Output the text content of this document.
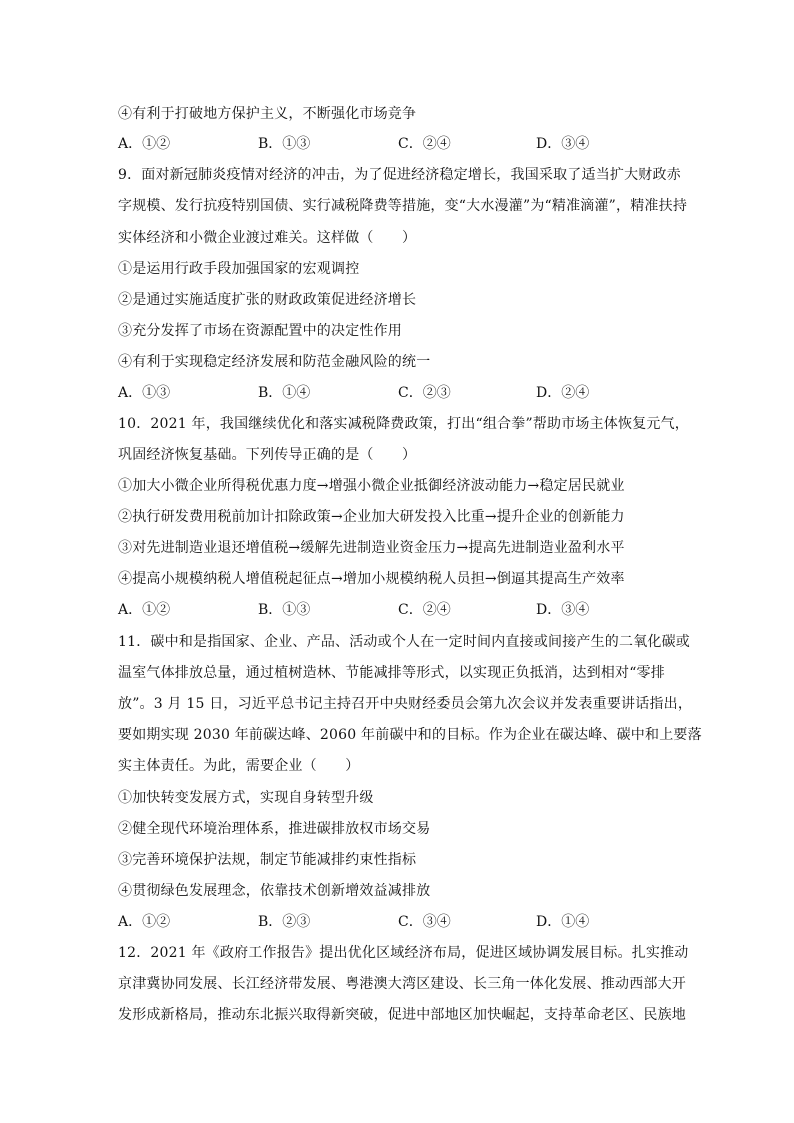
④有利于打破地方保护主义，不断强化市场竞争
A．①②	B．①③	C．②④	D．③④
9．面对新冠肺炎疫情对经济的冲击，为了促进经济稳定增长，我国采取了适当扩大财政赤
字规模、发行抗疫特别国债、实行减税降费等措施，变“大水漫灌”为“精准滴灌”，精准扶持
实体经济和小微企业渡过难关。这样做（　　）
①是运用行政手段加强国家的宏观调控
②是通过实施适度扩张的财政政策促进经济增长
③充分发挥了市场在资源配置中的决定性作用
④有利于实现稳定经济发展和防范金融风险的统一
A．①③	B．①④	C．②③	D．②④
10．2021 年，我国继续优化和落实减税降费政策，打出“组合拳”帮助市场主体恢复元气，
巩固经济恢复基础。下列传导正确的是（　　）
①加大小微企业所得税优惠力度→增强小微企业抵御经济波动能力→稳定居民就业
②执行研发费用税前加计扣除政策→企业加大研发投入比重→提升企业的创新能力
③对先进制造业退还增值税→缓解先进制造业资金压力→提高先进制造业盈利水平
④提高小规模纳税人增值税起征点→增加小规模纳税人员担→倒逼其提高生产效率
A．①②	B．①③	C．②④	D．③④
11．碳中和是指国家、企业、产品、活动或个人在一定时间内直接或间接产生的二氧化碳或
温室气体排放总量，通过植树造林、节能减排等形式，以实现正负抵消，达到相对“零排
放”。3 月 15 日，习近平总书记主持召开中央财经委员会第九次会议并发表重要讲话指出，
要如期实现 2030 年前碳达峰、2060 年前碳中和的目标。作为企业在碳达峰、碳中和上要落
实主体责任。为此，需要企业（　　）
①加快转变发展方式，实现自身转型升级
②健全现代环境治理体系，推进碳排放权市场交易
③完善环境保护法规，制定节能减排约束性指标
④贯彻绿色发展理念，依靠技术创新增效益减排放
A．①②	B．②③	C．③④	D．①④
12．2021 年《政府工作报告》提出优化区域经济布局，促进区域协调发展目标。扎实推动
京津冀协同发展、长江经济带发展、粤港澳大湾区建设、长三角一体化发展、推动西部大开
发形成新格局，推动东北振兴取得新突破，促进中部地区加快崛起，支持革命老区、民族地
